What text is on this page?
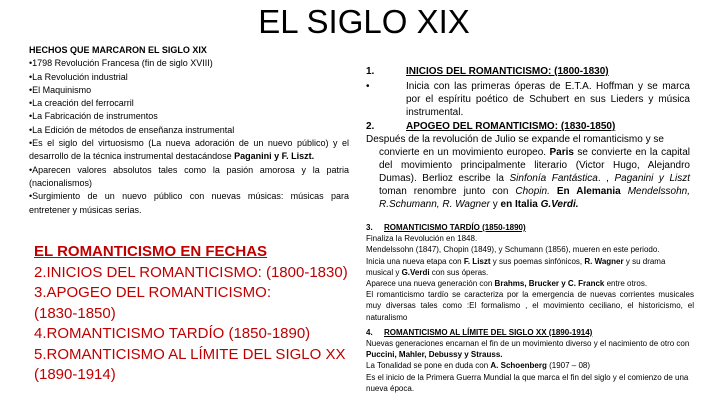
EL SIGLO XIX
HECHOS QUE MARCARON EL SIGLO XIX
•1798 Revolución Francesa (fin de siglo XVIII)
•La Revolución industrial
•El Maquinismo
•La creación del ferrocarril
•La Fabricación de instrumentos
•La Edición de métodos de enseñanza instrumental
•Es el siglo del virtuosismo (La nueva adoración de un nuevo público) y el desarrollo de la técnica instrumental destacándose Paganini y F. Liszt.
•Aparecen valores absolutos tales como la pasión amorosa y la patria (nacionalismos)
•Surgimiento de un nuevo público con nuevas músicas: músicas para entretener y músicas serias.
EL ROMANTICISMO EN FECHAS
2.INICIOS DEL ROMANTICISMO: (1800-1830)
3.APOGEO DEL ROMANTICISMO:
(1830-1850)
4.ROMANTICISMO TARDÍO (1850-1890)
5.ROMANTICISMO AL LÍMITE DEL SIGLO XX
(1890-1914)
1.	INICIOS DEL ROMANTICISMO: (1800-1830)
•	Inicia con las primeras óperas de E.T.A. Hoffman y se marca por el espíritu poético de Schubert en sus Lieders y música instrumental.
2.	APOGEO DEL ROMANTICISMO: (1830-1850)
Después de la revolución de Julio se expande el romanticismo y se
convierte en un movimiento europeo. Paris se convierte en la capital del movimiento principalmente literario (Victor Hugo, Alejandro Dumas). Berlioz escribe la Sinfonía Fantástica. , Paganini y Liszt toman renombre junto con Chopin. En Alemania Mendelssohn, R.Schumann, R. Wagner y en Italia G.Verdi.
3. ROMANTICISMO TARDÍO (1850-1890)
Finaliza la Revolución en 1848.
Mendelssohn (1847), Chopin (1849), y Schumann (1856), mueren en este periodo.
Inicia una nueva etapa con F. Liszt y sus poemas sinfónicos, R. Wagner y su drama musical y G.Verdi con sus óperas.
Aparece una nueva generación con Brahms, Brucker y C. Franck entre otros.
El romanticismo tardío se caracteriza por la emergencia de nuevas corrientes musicales muy diversas tales como :El formalismo , el movimiento ceciliano, el historicismo, el naturalismo
4. ROMANTICISMO AL LÍMITE DEL SIGLO XX (1890-1914)
Nuevas generaciones encarnan el fin de un movimiento diverso y el nacimiento de otro con Puccini, Mahler, Debussy y Strauss.
La Tonalidad se pone en duda con A. Schoenberg (1907 – 08)
Es el inicio de la Primera Guerra Mundial la que marca el fin del siglo y el comienzo de una nueva época.
